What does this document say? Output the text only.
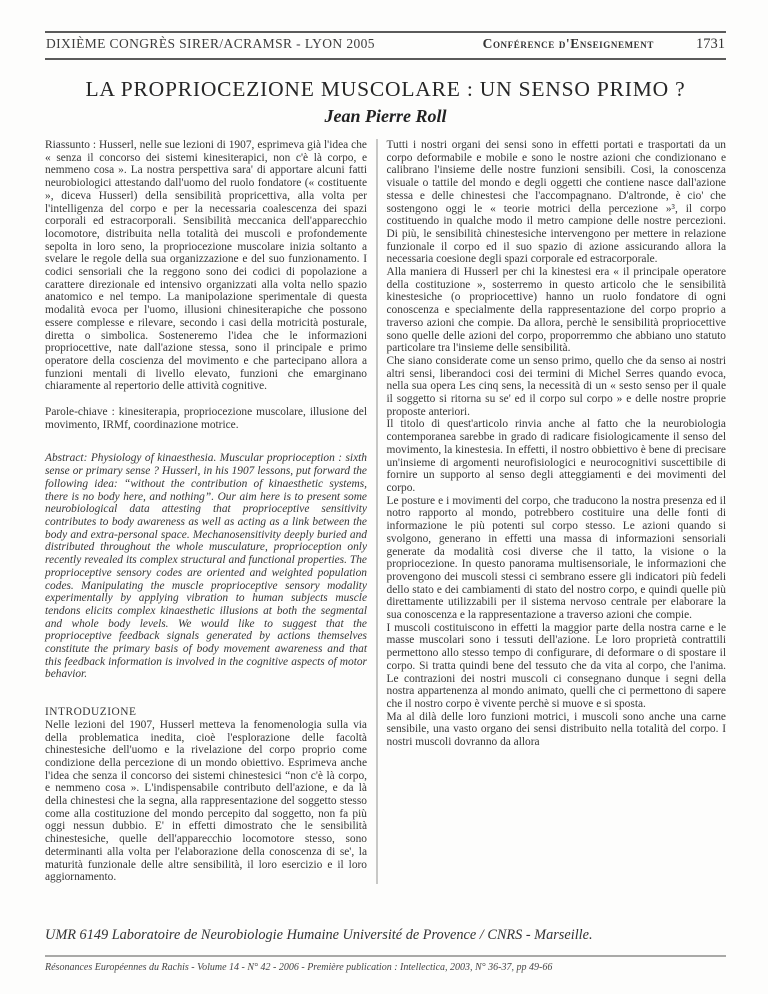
DIXIÈME CONGRÈS SIRER/ACRAMSR - LYON 2005	Conférence d'Enseignement	1731
LA PROPRIOCEZIONE MUSCOLARE : UN SENSO PRIMO ?
Jean Pierre Roll

Riassunto : Husserl, nelle sue lezioni di 1907, esprimeva già l'idea che « senza il concorso dei sistemi kinesiterapici, non c'è là corpo, e nemmeno cosa ». La nostra perspettiva sara' di apportare alcuni fatti neurobiologici attestando dall'uomo del ruolo fondatore (« costituente », diceva Husserl) della sensibilità propricettiva, alla volta per l'intelligenza del corpo e per la necessaria coalescenza dei spazi corporali ed estracorporali. Sensibilità meccanica dell'apparecchio locomotore, distribuita nella totalità dei muscoli e profondemente sepolta in loro seno, la propriocezione muscolare inizia soltanto a svelare le regole della sua organizzazione e del suo funzionamento. I codici sensoriali che la reggono sono dei codici di popolazione a carattere direzionale ed intensivo organizzati alla volta nello spazio anatomico e nel tempo. La manipolazione sperimentale di questa modalità evoca per l'uomo, illusioni chinesiterapiche che possono essere complesse e rilevare, secondo i casi della motricità posturale, diretta o simbolica. Sosteneremo l'idea che le informazioni propriocettive, nate dall'azione stessa, sono il principale e primo operatore della coscienza del movimento e che partecipano allora a funzioni mentali di livello elevato, funzioni che emarginano chiaramente al repertorio delle attività cognitive.

Parole-chiave : kinesiterapia, propriocezione muscolare, illusione del movimento, IRMf, coordinazione motrice.

Abstract: Physiology of kinaesthesia. Muscular proprioception : sixth sense or primary sense ? Husserl, in his 1907 lessons, put forward the following idea: “without the contribution of kinaesthetic systems, there is no body here, and nothing”. Our aim here is to present some neurobiological data attesting that proprioceptive sensitivity contributes to body awareness as well as acting as a link between the body and extra-personal space. Mechanosensitivity deeply buried and distributed throughout the whole musculature, proprioception only recently revealed its complex structural and functional properties. The proprioceptive sensory codes are oriented and weighted population codes. Manipulating the muscle proprioceptive sensory modality experimentally by applying vibration to human subjects muscle tendons elicits complex kinaesthetic illusions at both the segmental and whole body levels. We would like to suggest that the proprioceptive feedback signals generated by actions themselves constitute the primary basis of body movement awareness and that this feedback information is involved in the cognitive aspects of motor behavior.

INTRODUZIONE

Nelle lezioni del 1907, Husserl metteva la fenomenologia sulla via della problematica inedita, cioè l'esplorazione delle facoltà chinestesiche dell'uomo e la rivelazione del corpo proprio come condizione della percezione di un mondo obiettivo. Esprimeva anche l'idea che senza il concorso dei sistemi chinestesici “non c'è là corpo, e nemmeno cosa ». L'indispensabile contributo dell'azione, e da là della chinestesi che la segna, alla rappresentazione del soggetto stesso come alla costituzione del mondo percepito dal soggetto, non fa più oggi nessun dubbio. E' in effetti dimostrato che le sensibilità chinestesiche, quelle dell'apparecchio locomotore stesso, sono determinanti alla volta per l'elaborazione della conoscenza di se', la maturità funzionale delle altre sensibilità, il loro esercizio e il loro aggiornamento.

Tutti i nostri organi dei sensi sono in effetti portati e trasportati da un corpo deformabile e mobile e sono le nostre azioni che condizionano e calibrano l'insieme delle nostre funzioni sensibili. Cosi, la conoscenza visuale o tattile del mondo e degli oggetti che contiene nasce dall'azione stessa e delle chinestesi che l'accompagnano. D'altronde, è cio' che sostengono oggi le « teorie motrici della percezione »³, il corpo costituendo in qualche modo il metro campione delle nostre percezioni. Di più, le sensibilità chinestesiche intervengono per mettere in relazione funzionale il corpo ed il suo spazio di azione assicurando allora la necessaria coesione degli spazi corporale ed estracorporale.

Alla maniera di Husserl per chi la kinestesi era « il principale operatore della costituzione », sosterremo in questo articolo che le sensibilità kinestesiche (o propriocettive) hanno un ruolo fondatore di ogni conoscenza e specialmente della rappresentazione del corpo proprio a traverso azioni che compie. Da allora, perchè le sensibilità propriocettive sono quelle delle azioni del corpo, proporremmo che abbiano uno statuto particolare tra l'insieme delle sensibilità.

Che siano considerate come un senso primo, quello che da senso ai nostri altri sensi, liberandoci cosi dei termini di Michel Serres quando evoca, nella sua opera Les cinq sens, la necessità di un « sesto senso per il quale il soggetto si ritorna su se' ed il corpo sul corpo » e delle nostre proprie proposte anteriori.

Il titolo di quest'articolo rinvia anche al fatto che la neurobiologia contemporanea sarebbe in grado di radicare fisiologicamente il senso del movimento, la kinestesia. In effetti, il nostro obbiettivo è bene di precisare un'insieme di argomenti neurofisiologici e neurocognitivi suscettibile di fornire un supporto al senso degli atteggiamenti e dei movimenti del corpo.

Le posture e i movimenti del corpo, che traducono la nostra presenza ed il notro rapporto al mondo, potrebbero costituire una delle fonti di informazione le più potenti sul corpo stesso. Le azioni quando si svolgono, generano in effetti una massa di informazioni sensoriali generate da modalità cosi diverse che il tatto, la visione o la propriocezione. In questo panorama multisensoriale, le informazioni che provengono dei muscoli stessi ci sembrano essere gli indicatori più fedeli dello stato e dei cambiamenti di stato del nostro corpo, e quindi quelle più direttamente utilizzabili per il sistema nervoso centrale per elaborare la sua conoscenza e la rappresentazione a traverso azioni che compie.

I muscoli costituiscono in effetti la maggior parte della nostra carne e le masse muscolari sono i tessuti dell'azione. Le loro proprietà contrattili permettono allo stesso tempo di configurare, di deformare o di spostare il corpo. Si tratta quindi bene del tessuto che da vita al corpo, che l'anima. Le contrazioni dei nostri muscoli ci consegnano dunque i segni della nostra appartenenza al mondo animato, quelli che ci permettono di sapere che il nostro corpo è vivente perchè si muove e si sposta.

Ma al dilà delle loro funzioni motrici, i muscoli sono anche una carne sensibile, una vasto organo dei sensi distribuito nella totalità del corpo. I nostri muscoli dovranno da allora

UMR 6149 Laboratoire de Neurobiologie Humaine Université de Provence / CNRS - Marseille.
Résonances Européennes du Rachis - Volume 14 - N° 42 - 2006 - Première publication : Intellectica, 2003, N° 36-37, pp 49-66
